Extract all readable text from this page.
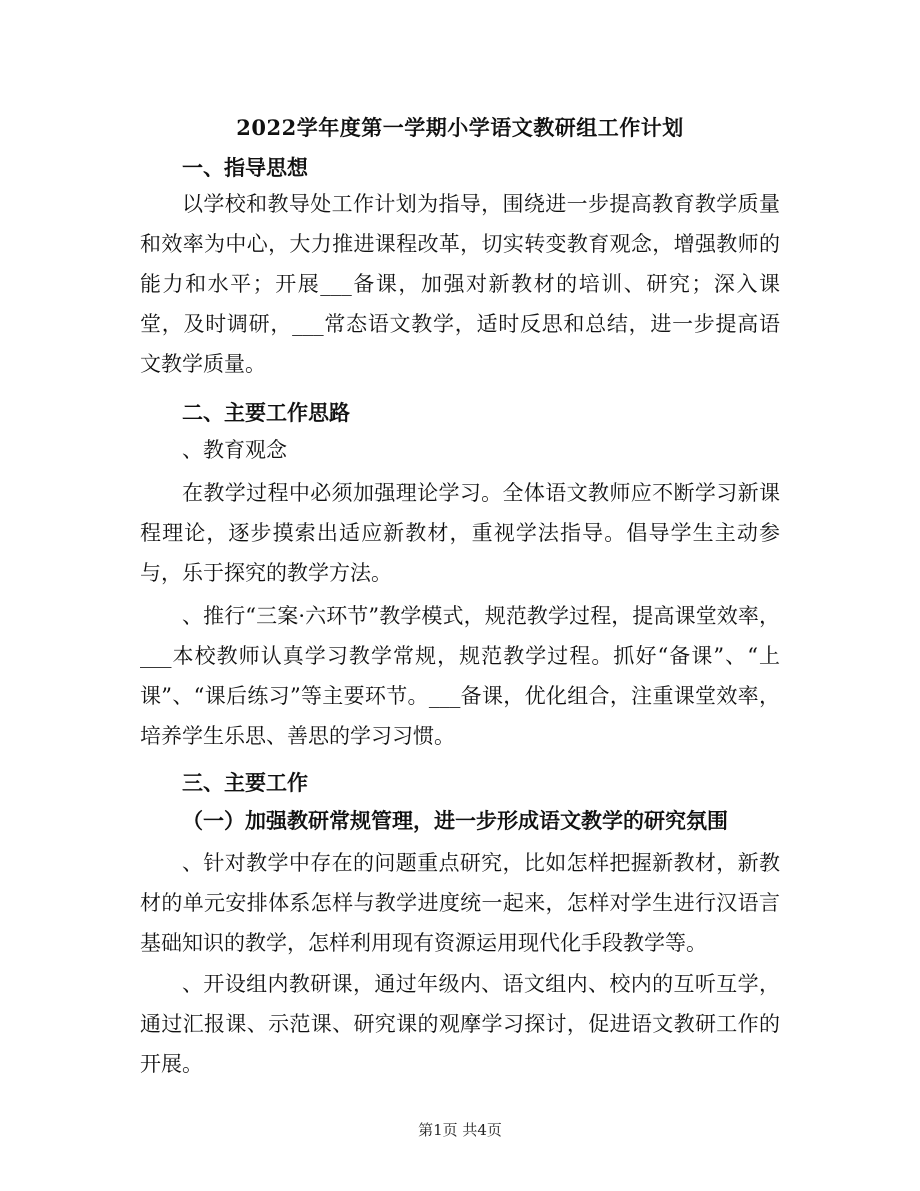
2022学年度第一学期小学语文教研组工作计划
一、指导思想

以学校和教导处工作计划为指导，围绕进一步提高教育教学质量和效率为中心，大力推进课程改革，切实转变教育观念，增强教师的能力和水平；开展___备课，加强对新教材的培训、研究；深入课堂，及时调研，___常态语文教学，适时反思和总结，进一步提高语文教学质量。

二、主要工作思路

、教育观念

在教学过程中必须加强理论学习。全体语文教师应不断学习新课程理论，逐步摸索出适应新教材，重视学法指导。倡导学生主动参与，乐于探究的教学方法。

、推行“三案·六环节”教学模式，规范教学过程，提高课堂效率，___本校教师认真学习教学常规，规范教学过程。抓好“备课”、“上课”、“课后练习”等主要环节。___备课，优化组合，注重课堂效率，培养学生乐思、善思的学习习惯。

三、主要工作
（一）加强教研常规管理，进一步形成语文教学的研究氛围

、针对教学中存在的问题重点研究，比如怎样把握新教材，新教材的单元安排体系怎样与教学进度统一起来，怎样对学生进行汉语言基础知识的教学，怎样利用现有资源运用现代化手段教学等。

、开设组内教研课，通过年级内、语文组内、校内的互听互学，通过汇报课、示范课、研究课的观摩学习探讨，促进语文教研工作的开展。

第1页 共4页
